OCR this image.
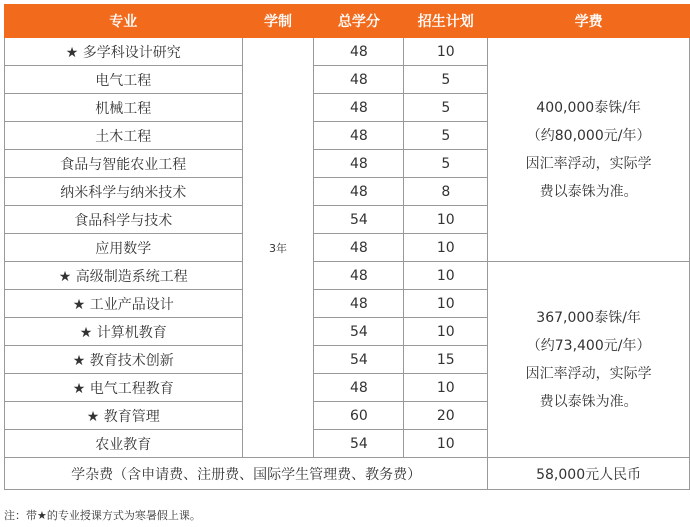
专业	学制	总学分	招生计划	学费
★ 多学科设计研究	3年	48	10	400,000泰铢/年
（约80,000元/年）
因汇率浮动，实际学
费以泰铢为准。

电气工程		48	5	
机械工程		48	5	
土木工程		48	5	
食品与智能农业工程		48	5	
纳米科学与纳米技术		48	8	
食品科学与技术		54	10	
应用数学		48	10	
★ 高级制造系统工程		48	10	367,000泰铢/年
（约73,400元/年）
因汇率浮动，实际学
费以泰铢为准。

★ 工业产品设计		48	10	
★ 计算机教育		54	10	
★ 教育技术创新		54	15	
★ 电气工程教育		48	10	
★ 教育管理		60	20	
农业教育		54	10	
学杂费（含申请费、注册费、国际学生管理费、教务费）				58,000元人民币
注：带★的专业授课方式为寒暑假上课。
